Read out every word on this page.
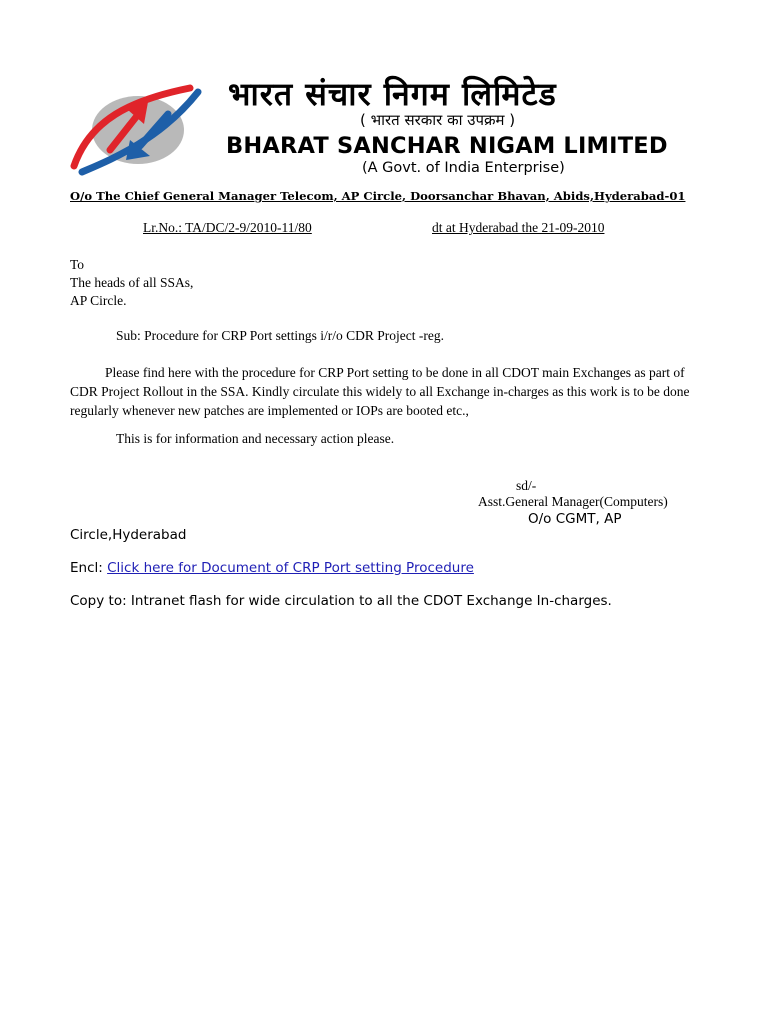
भारत संचार निगम लिमिटेड
( भारत सरकार का उपक्रम )
BHARAT SANCHAR NIGAM LIMITED
(A Govt. of India Enterprise)
O/o The Chief General Manager Telecom, AP Circle, Doorsanchar Bhavan, Abids,Hyderabad-01
Lr.No.: TA/DC/2-9/2010-11/80	dt at Hyderabad the 21-09-2010
To
The heads of all SSAs,
AP Circle.
Sub: Procedure for CRP Port settings i/r/o CDR Project -reg.
Please find here with the procedure for CRP Port setting to be done in all CDOT main Exchanges as part of CDR Project Rollout in the SSA. Kindly circulate this widely to all Exchange in-charges as this work is to be done regularly whenever new patches are implemented or IOPs are booted etc.,
This is for information and necessary action please.
sd/-
Asst.General Manager(Computers)
O/o CGMT, AP
Circle,Hyderabad
Encl: Click here for Document of CRP Port setting Procedure
Copy to: Intranet flash for wide circulation to all the CDOT Exchange In-charges.
